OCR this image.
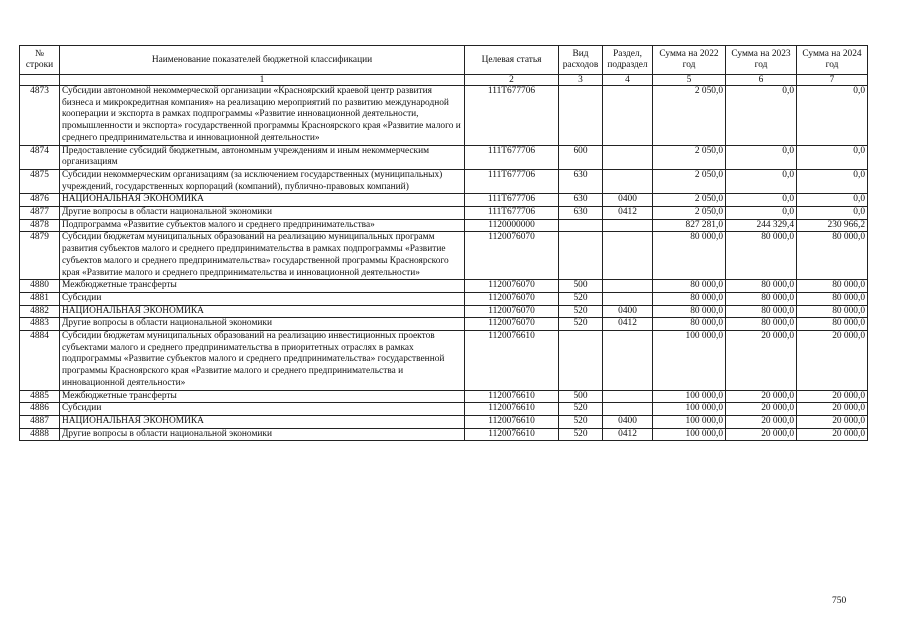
№ строки	Наименование показателей бюджетной классификации	Целевая статья	Вид расходов	Раздел, подраздел	Сумма на 2022 год	Сумма на 2023 год	Сумма на 2024 год
	1	2	3	4	5	6	7
4873	Субсидии автономной некоммерческой организации «Красноярский краевой центр развития бизнеса и микрокредитная компания» на реализацию мероприятий по развитию международной кооперации и экспорта в рамках подпрограммы «Развитие инновационной деятельности, промышленности и экспорта» государственной программы Красноярского края «Развитие малого и среднего предпринимательства и инновационной деятельности»	111T677706			2 050,0	0,0	0,0
4874	Предоставление субсидий бюджетным, автономным учреждениям и иным некоммерческим организациям	111T677706	600		2 050,0	0,0	0,0
4875	Субсидии некоммерческим организациям (за исключением государственных (муниципальных) учреждений, государственных корпораций (компаний), публично-правовых компаний)	111T677706	630		2 050,0	0,0	0,0
4876	НАЦИОНАЛЬНАЯ ЭКОНОМИКА	111T677706	630	0400	2 050,0	0,0	0,0
4877	Другие вопросы в области национальной экономики	111T677706	630	0412	2 050,0	0,0	0,0
4878	Подпрограмма «Развитие субъектов малого и среднего предпринимательства»	1120000000			827 281,0	244 329,4	230 966,2
4879	Субсидии бюджетам муниципальных образований на реализацию муниципальных программ развития субъектов малого и среднего предпринимательства в рамках подпрограммы «Развитие субъектов малого и среднего предпринимательства» государственной программы Красноярского края «Развитие малого и среднего предпринимательства и инновационной деятельности»	1120076070			80 000,0	80 000,0	80 000,0
4880	Межбюджетные трансферты	1120076070	500		80 000,0	80 000,0	80 000,0
4881	Субсидии	1120076070	520		80 000,0	80 000,0	80 000,0
4882	НАЦИОНАЛЬНАЯ ЭКОНОМИКА	1120076070	520	0400	80 000,0	80 000,0	80 000,0
4883	Другие вопросы в области национальной экономики	1120076070	520	0412	80 000,0	80 000,0	80 000,0
4884	Субсидии бюджетам муниципальных образований на реализацию инвестиционных проектов субъектами малого и среднего предпринимательства в приоритетных отраслях в рамках подпрограммы «Развитие субъектов малого и среднего предпринимательства» государственной программы Красноярского края «Развитие малого и среднего предпринимательства и инновационной деятельности»	1120076610			100 000,0	20 000,0	20 000,0
4885	Межбюджетные трансферты	1120076610	500		100 000,0	20 000,0	20 000,0
4886	Субсидии	1120076610	520		100 000,0	20 000,0	20 000,0
4887	НАЦИОНАЛЬНАЯ ЭКОНОМИКА	1120076610	520	0400	100 000,0	20 000,0	20 000,0
4888	Другие вопросы в области национальной экономики	1120076610	520	0412	100 000,0	20 000,0	20 000,0
750
